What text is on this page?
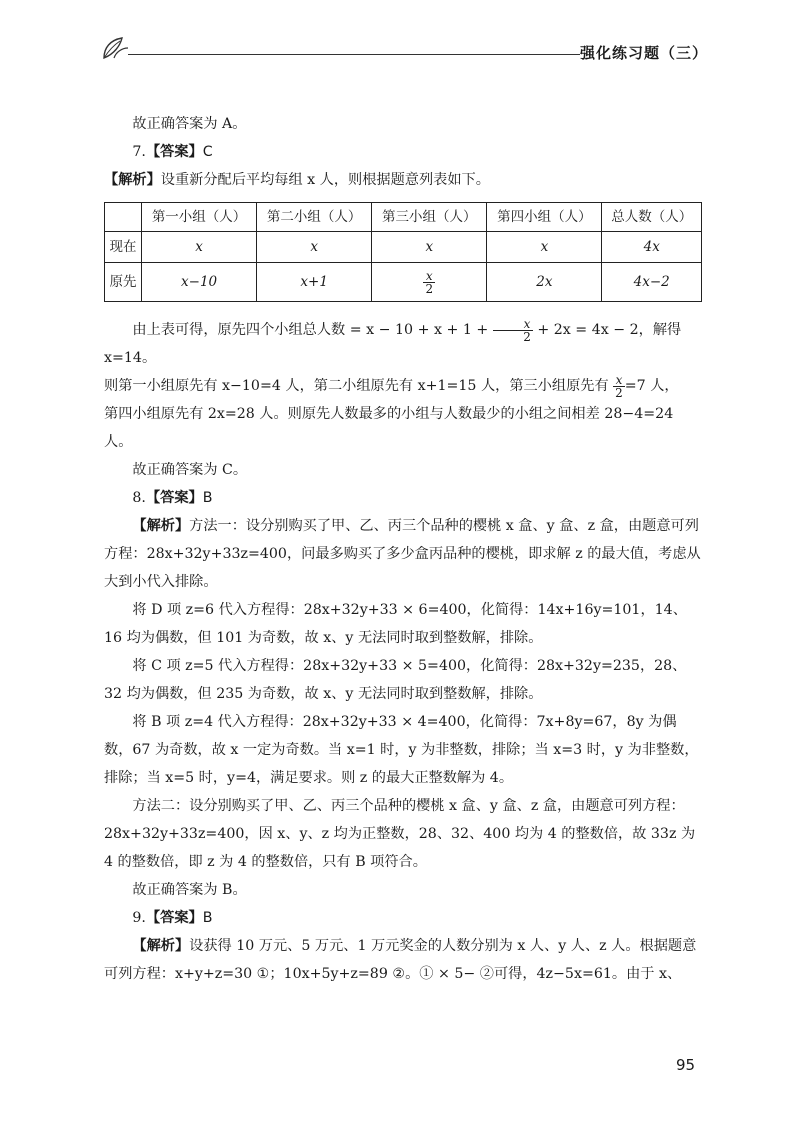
强化练习题（三）

故正确答案为 A。

7.【答案】C

【解析】设重新分配后平均每组 x 人，则根据题意列表如下。

	第一小组（人）	第二小组（人）	第三小组（人）	第四小组（人）	总人数（人）
现在	x	x	x	x	4x
原先	x−10	x+1	$\frac{x}{2}$	2x	4x−2

由上表可得，原先四个小组总人数 = $x - 10 + x + 1 + \frac{x}{2} + 2x = 4x - 2$，解得 x=14。

则第一小组原先有 x−10=4 人，第二小组原先有 x+1=15 人，第三小组原先有 $\frac{x}{2} =7$ 人，

第四小组原先有 2x=28 人。则原先人数最多的小组与人数最少的小组之间相差 28−4=24 人。

故正确答案为 C。

8.【答案】B

【解析】方法一：设分别购买了甲、乙、丙三个品种的樱桃 x 盒、y 盒、z 盒，由题意可列方程：28x+32y+33z=400，问最多购买了多少盒丙品种的樱桃，即求解 z 的最大值，考虑从大到小代入排除。

将 D 项 z=6 代入方程得：28x+32y+33 × 6=400，化简得：14x+16y=101，14、16 均为偶数，但 101 为奇数，故 x、y 无法同时取到整数解，排除。

将 C 项 z=5 代入方程得：28x+32y+33 × 5=400，化简得：28x+32y=235，28、32 均为偶数，但 235 为奇数，故 x、y 无法同时取到整数解，排除。

将 B 项 z=4 代入方程得：28x+32y+33 × 4=400，化简得：7x+8y=67，8y 为偶数，67 为奇数，故 x 一定为奇数。当 x=1 时，y 为非整数，排除；当 x=3 时，y 为非整数，排除；当 x=5 时，y=4，满足要求。则 z 的最大正整数解为 4。

方法二：设分别购买了甲、乙、丙三个品种的樱桃 x 盒、y 盒、z 盒，由题意可列方程：28x+32y+33z=400，因 x、y、z 均为正整数，28、32、400 均为 4 的整数倍，故 33z 为 4 的整数倍，即 z 为 4 的整数倍，只有 B 项符合。

故正确答案为 B。

9.【答案】B

【解析】设获得 10 万元、5 万元、1 万元奖金的人数分别为 x 人、y 人、z 人。根据题意可列方程：x+y+z=30 ①；10x+5y+z=89 ②。① × 5− ②可得，4z−5x=61。由于 x、

95
